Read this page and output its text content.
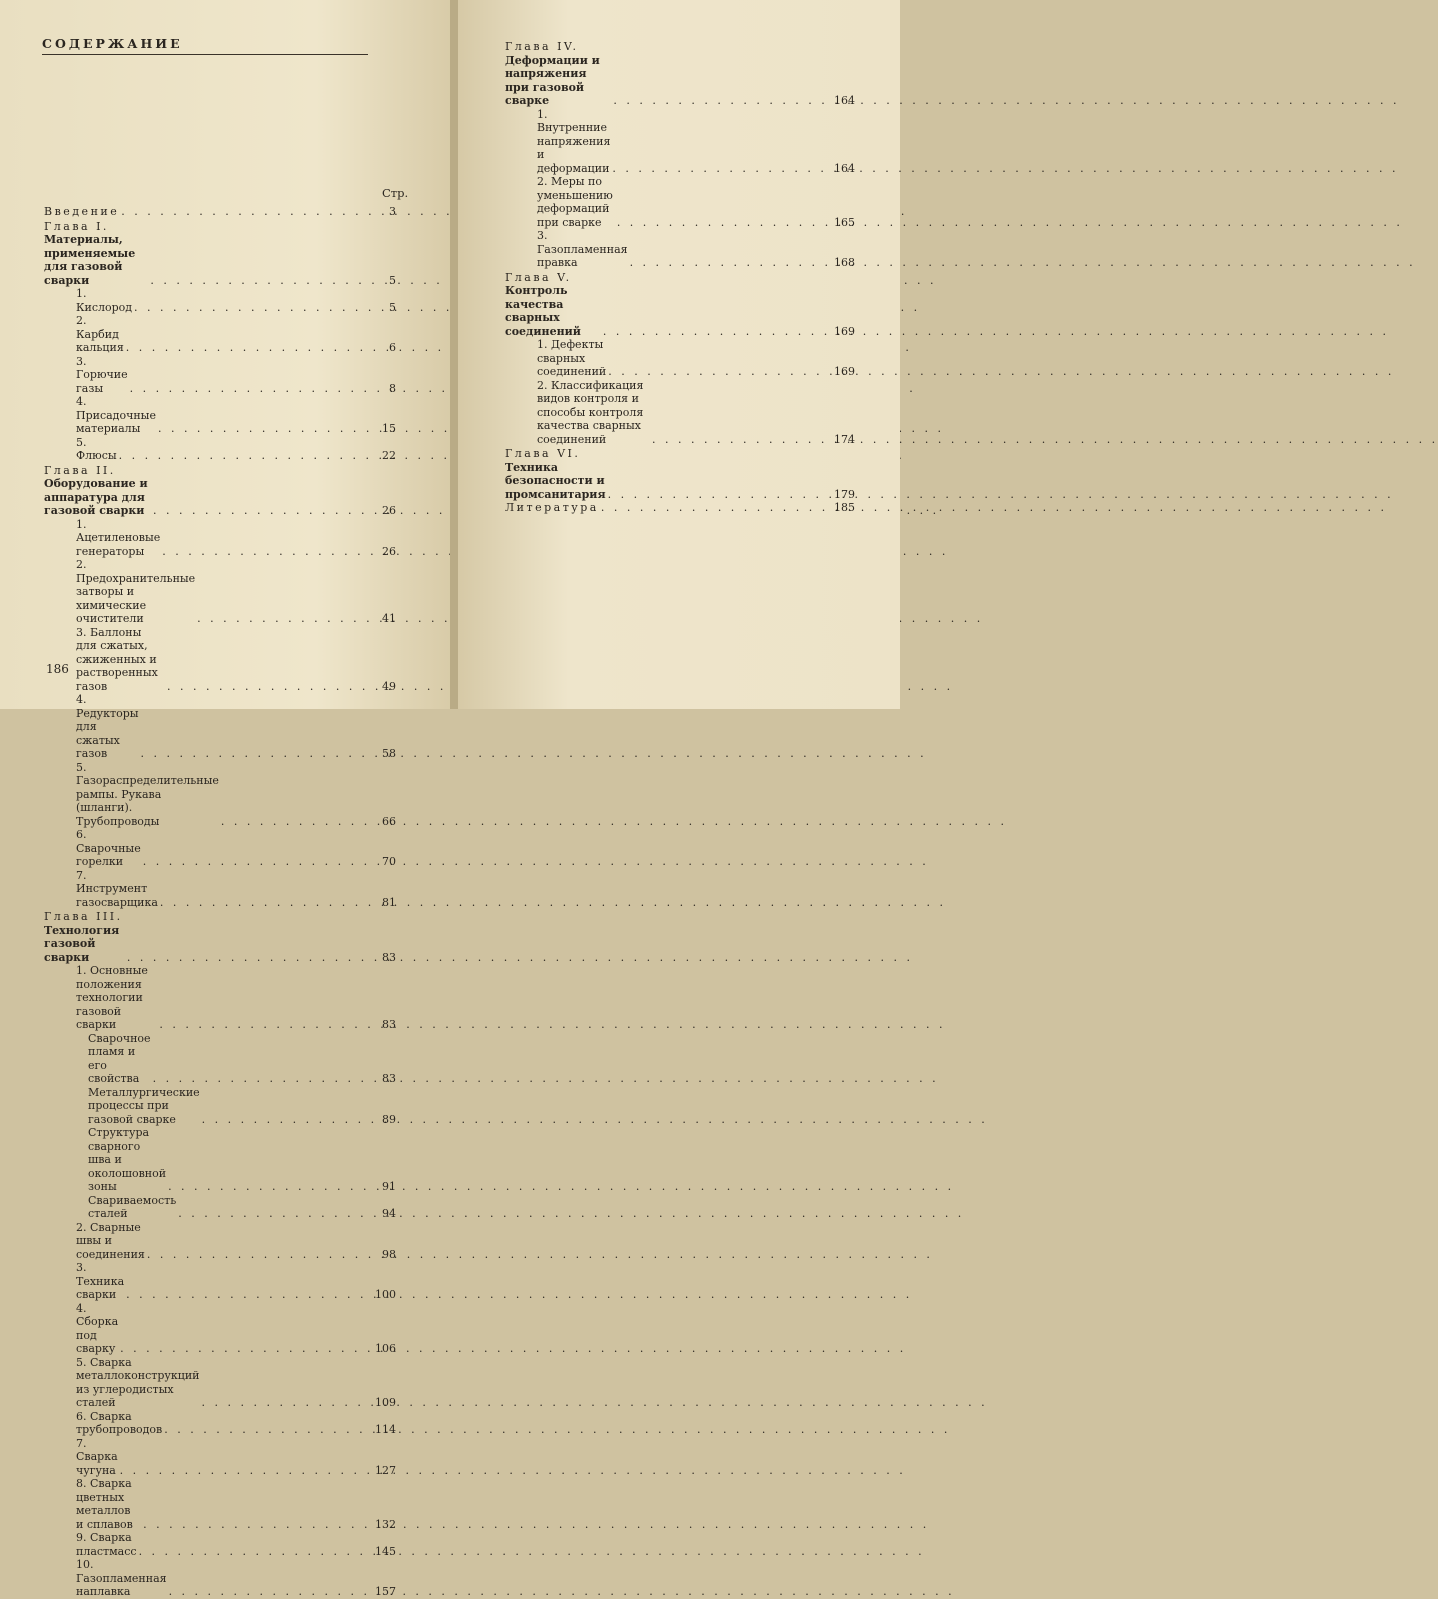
СОДЕРЖАНИЕ
Стр.
Введение . . .	3
Глава I. Материалы, применяемые для газовой сварки . . .	5
1. Кислород . . .	5
2. Карбид кальция . . .	6
3. Горючие газы . . .	8
4. Присадочные материалы . . .	15
5. Флюсы . . .	22
Глава II. Оборудование и аппаратура для газовой сварки . . .	26
1. Ацетиленовые генераторы . . .	26
2. Предохранительные затворы и химические очистители . . .	41
3. Баллоны для сжатых, сжиженных и растворенных газов . . .	49
4. Редукторы для сжатых газов . . .	58
5. Газораспределительные рампы. Рукава (шланги). Трубопроводы . . .	66
6. Сварочные горелки . . .	70
7. Инструмент газосварщика . . .	81
Глава III. Технология газовой сварки . . .	83
1. Основные положения технологии газовой сварки . . .	83
Сварочное пламя и его свойства . . .	83
Металлургические процессы при газовой сварке . . .	89
Структура сварного шва и околошовной зоны . . .	91
Свариваемость сталей . . .	94
2. Сварные швы и соединения . . .	98
3. Техника сварки . . .	100
4. Сборка под сварку . . .	106
5. Сварка металлоконструкций из углеродистых сталей . . .	109
6. Сварка трубопроводов . . .	114
7. Сварка чугуна . . .	127
8. Сварка цветных металлов и сплавов . . .	132
9. Сварка пластмасс . . .	145
10. Газопламенная наплавка . . .	157
186
Глава IV. Деформации и напряжения при газовой сварке . . .	164
1. Внутренние напряжения и деформации . . .	164
2. Меры по уменьшению деформаций при сварке . . .	165
3. Газопламенная правка . . .	168
Глава V. Контроль качества сварных соединений . . .	169
1. Дефекты сварных соединений . . .	169
2. Классификация видов контроля и способы контроля качества сварных соединений . . .	174
Глава VI. Техника безопасности и промсанитария . . .	179
Литература . . .	185
